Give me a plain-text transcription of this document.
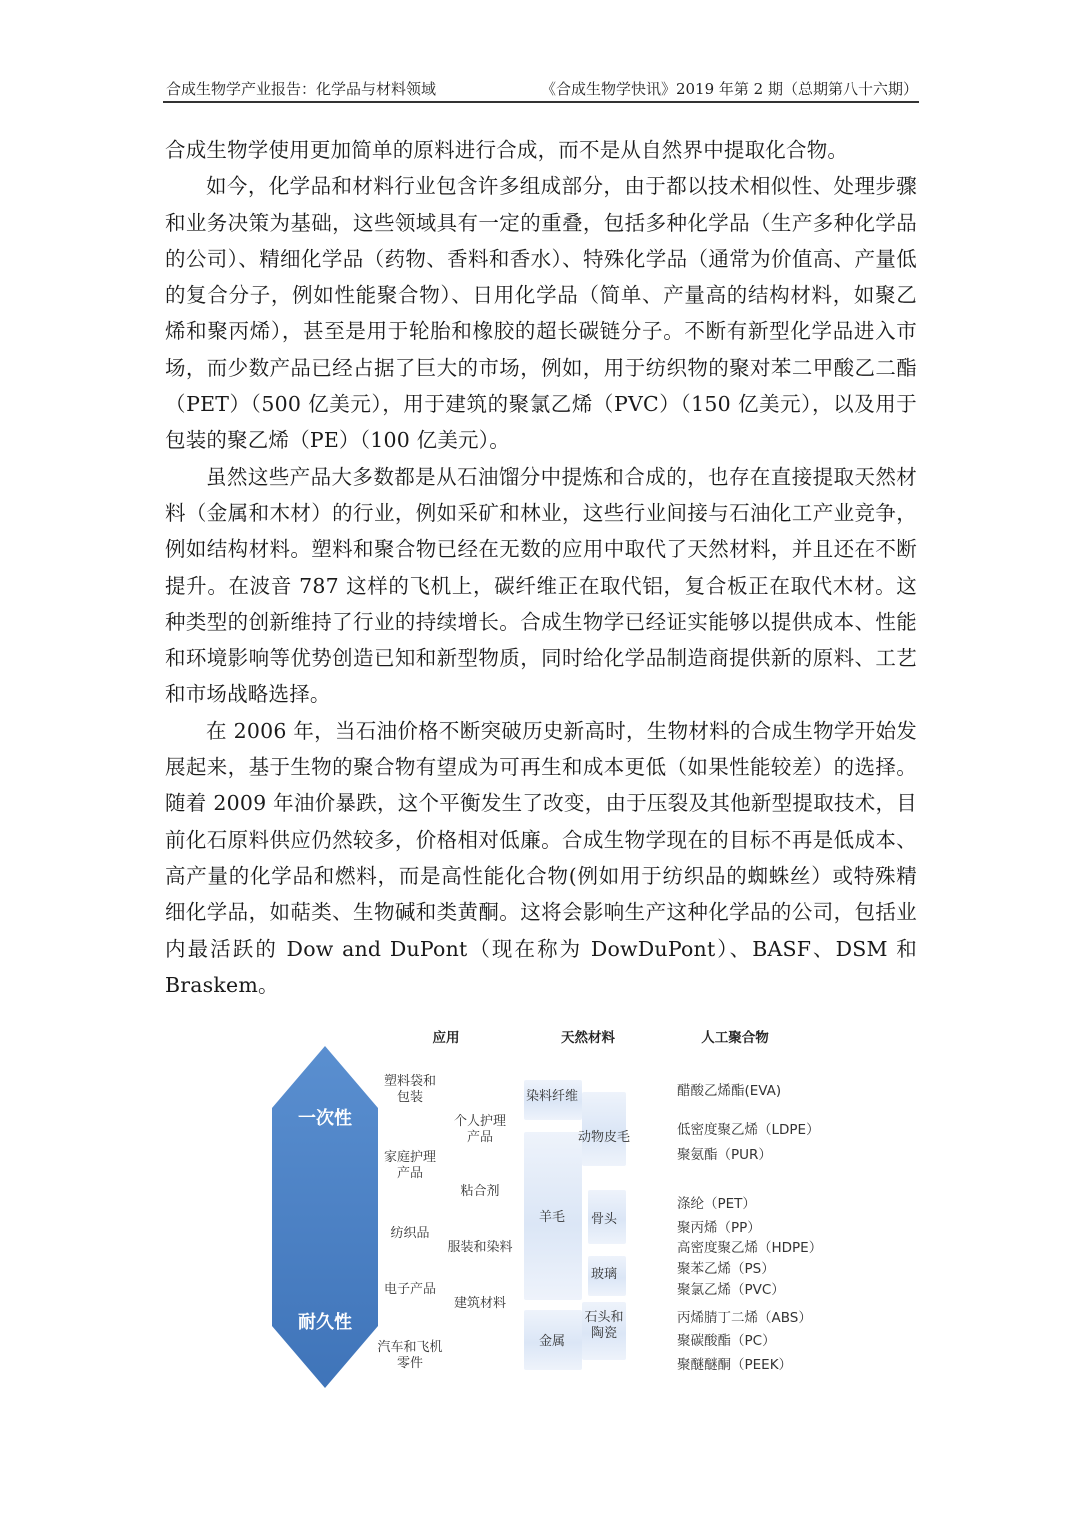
合成生物学产业报告：化学品与材料领域	《合成生物学快讯》2019 年第 2 期（总期第八十六期）

合成生物学使用更加简单的原料进行合成，而不是从自然界中提取化合物。

如今，化学品和材料行业包含许多组成部分，由于都以技术相似性、处理步骤和业务决策为基础，这些领域具有一定的重叠，包括多种化学品（生产多种化学品的公司）、精细化学品（药物、香料和香水）、特殊化学品（通常为价值高、产量低的复合分子，例如性能聚合物）、日用化学品（简单、产量高的结构材料，如聚乙烯和聚丙烯），甚至是用于轮胎和橡胶的超长碳链分子。不断有新型化学品进入市场，而少数产品已经占据了巨大的市场，例如，用于纺织物的聚对苯二甲酸乙二酯（PET）（500 亿美元），用于建筑的聚氯乙烯（PVC）（150 亿美元），以及用于包装的聚乙烯（PE）（100 亿美元）。

虽然这些产品大多数都是从石油馏分中提炼和合成的，也存在直接提取天然材料（金属和木材）的行业，例如采矿和林业，这些行业间接与石油化工产业竞争，例如结构材料。塑料和聚合物已经在无数的应用中取代了天然材料，并且还在不断提升。在波音 787 这样的飞机上，碳纤维正在取代铝，复合板正在取代木材。这种类型的创新维持了行业的持续增长。合成生物学已经证实能够以提供成本、性能和环境影响等优势创造已知和新型物质，同时给化学品制造商提供新的原料、工艺和市场战略选择。

在 2006 年，当石油价格不断突破历史新高时，生物材料的合成生物学开始发展起来，基于生物的聚合物有望成为可再生和成本更低（如果性能较差）的选择。随着 2009 年油价暴跌，这个平衡发生了改变，由于压裂及其他新型提取技术，目前化石原料供应仍然较多，价格相对低廉。合成生物学现在的目标不再是低成本、高产量的化学品和燃料，而是高性能化合物(例如用于纺织品的蜘蛛丝）或特殊精细化学品，如萜类、生物碱和类黄酮。这将会影响生产这种化学品的公司，包括业内最活跃的 Dow and DuPont（现在称为 DowDuPont）、BASF、DSM 和 Braskem。

应用	天然材料	人工聚合物
一次性
耐久性
染料纤维
羊毛
金属
动物皮毛
骨头
玻璃
石头和
陶瓷
塑料袋和
包装
家庭护理
产品
纺织品
电子产品
汽车和飞机
零件
个人护理
产品
粘合剂
服装和染料
建筑材料
醋酸乙烯酯(EVA)
低密度聚乙烯（LDPE）
聚氨酯（PUR）
涤纶（PET）
聚丙烯（PP）
高密度聚乙烯（HDPE）
聚苯乙烯（PS）
聚氯乙烯（PVC）
丙烯腈丁二烯（ABS）
聚碳酸酯（PC）
聚醚醚酮（PEEK）
